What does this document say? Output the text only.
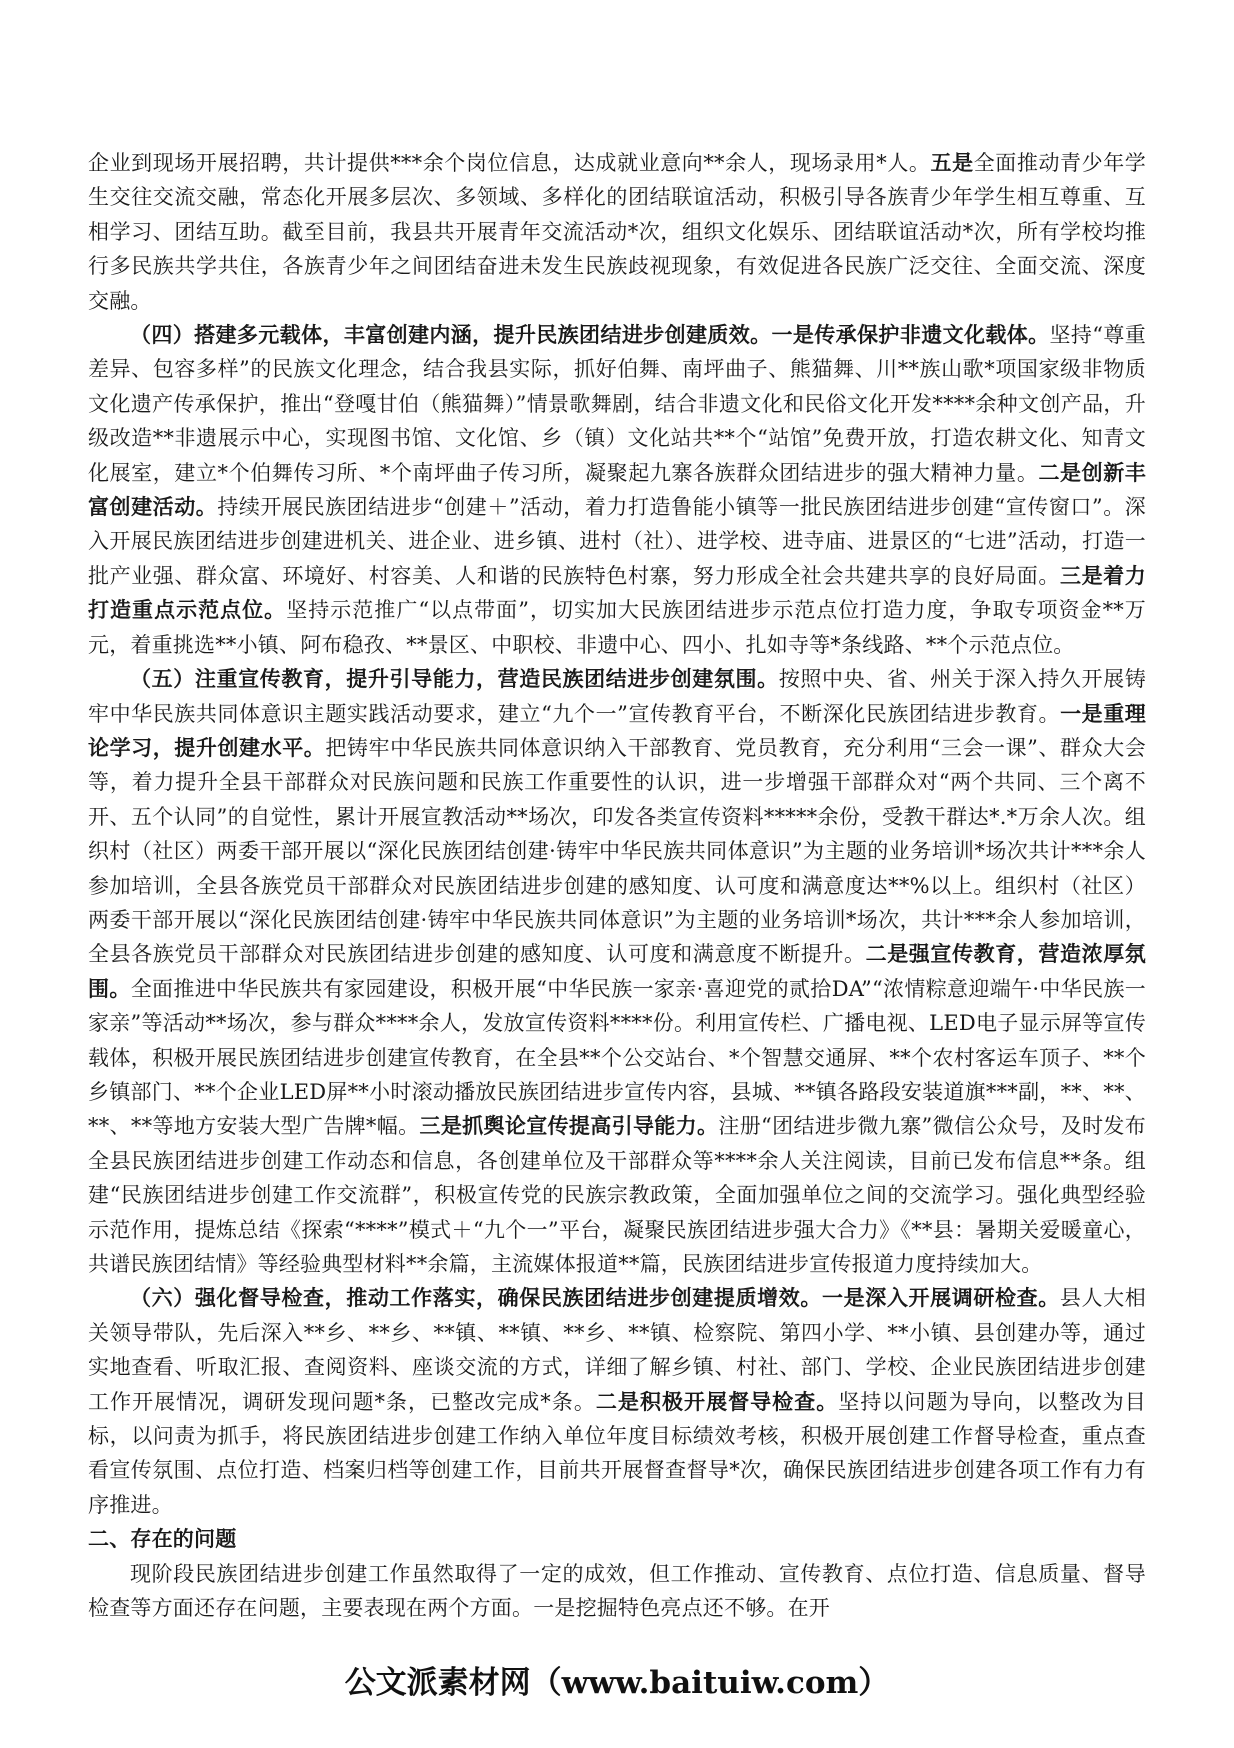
企业到现场开展招聘，共计提供***余个岗位信息，达成就业意向**余人，现场录用*人。五是全面推动青少年学生交往交流交融，常态化开展多层次、多领域、多样化的团结联谊活动，积极引导各族青少年学生相互尊重、互相学习、团结互助。截至目前，我县共开展青年交流活动*次，组织文化娱乐、团结联谊活动*次，所有学校均推行多民族共学共住，各族青少年之间团结奋进未发生民族歧视现象，有效促进各民族广泛交往、全面交流、深度交融。

（四）搭建多元载体，丰富创建内涵，提升民族团结进步创建质效。一是传承保护非遗文化载体。坚持“尊重差异、包容多样”的民族文化理念，结合我县实际，抓好伯舞、南坪曲子、熊猫舞、川**族山歌*项国家级非物质文化遗产传承保护，推出“登嘎甘伯（熊猫舞）”情景歌舞剧，结合非遗文化和民俗文化开发****余种文创产品，升级改造**非遗展示中心，实现图书馆、文化馆、乡（镇）文化站共**个“站馆”免费开放，打造农耕文化、知青文化展室，建立*个伯舞传习所、*个南坪曲子传习所，凝聚起九寨各族群众团结进步的强大精神力量。二是创新丰富创建活动。持续开展民族团结进步“创建＋”活动，着力打造鲁能小镇等一批民族团结进步创建“宣传窗口”。深入开展民族团结进步创建进机关、进企业、进乡镇、进村（社）、进学校、进寺庙、进景区的“七进”活动，打造一批产业强、群众富、环境好、村容美、人和谐的民族特色村寨，努力形成全社会共建共享的良好局面。三是着力打造重点示范点位。坚持示范推广“以点带面”，切实加大民族团结进步示范点位打造力度，争取专项资金**万元，着重挑选**小镇、阿布稳孜、**景区、中职校、非遗中心、四小、扎如寺等*条线路、**个示范点位。

（五）注重宣传教育，提升引导能力，营造民族团结进步创建氛围。按照中央、省、州关于深入持久开展铸牢中华民族共同体意识主题实践活动要求，建立“九个一”宣传教育平台，不断深化民族团结进步教育。一是重理论学习，提升创建水平。把铸牢中华民族共同体意识纳入干部教育、党员教育，充分利用“三会一课”、群众大会等，着力提升全县干部群众对民族问题和民族工作重要性的认识，进一步增强干部群众对“两个共同、三个离不开、五个认同”的自觉性，累计开展宣教活动**场次，印发各类宣传资料*****余份，受教干群达*.*万余人次。组织村（社区）两委干部开展以“深化民族团结创建·铸牢中华民族共同体意识”为主题的业务培训*场次共计***余人参加培训，全县各族党员干部群众对民族团结进步创建的感知度、认可度和满意度达**%以上。组织村（社区）两委干部开展以“深化民族团结创建·铸牢中华民族共同体意识”为主题的业务培训*场次，共计***余人参加培训，全县各族党员干部群众对民族团结进步创建的感知度、认可度和满意度不断提升。二是强宣传教育，营造浓厚氛围。全面推进中华民族共有家园建设，积极开展“中华民族一家亲·喜迎党的贰拾DA”“浓情粽意迎端午·中华民族一家亲”等活动**场次，参与群众****余人，发放宣传资料****份。利用宣传栏、广播电视、LED电子显示屏等宣传载体，积极开展民族团结进步创建宣传教育，在全县**个公交站台、*个智慧交通屏、**个农村客运车顶子、**个乡镇部门、**个企业LED屏**小时滚动播放民族团结进步宣传内容，县城、**镇各路段安装道旗***副，**、**、**、**等地方安装大型广告牌*幅。三是抓舆论宣传提高引导能力。注册“团结进步微九寨”微信公众号，及时发布全县民族团结进步创建工作动态和信息，各创建单位及干部群众等****余人关注阅读，目前已发布信息**条。组建“民族团结进步创建工作交流群”，积极宣传党的民族宗教政策，全面加强单位之间的交流学习。强化典型经验示范作用，提炼总结《探索“****”模式＋“九个一”平台，凝聚民族团结进步强大合力》《**县：暑期关爱暖童心，共谱民族团结情》等经验典型材料**余篇，主流媒体报道**篇，民族团结进步宣传报道力度持续加大。

（六）强化督导检查，推动工作落实，确保民族团结进步创建提质增效。一是深入开展调研检查。县人大相关领导带队，先后深入**乡、**乡、**镇、**镇、**乡、**镇、检察院、第四小学、**小镇、县创建办等，通过实地查看、听取汇报、查阅资料、座谈交流的方式，详细了解乡镇、村社、部门、学校、企业民族团结进步创建工作开展情况，调研发现问题*条，已整改完成*条。二是积极开展督导检查。坚持以问题为导向，以整改为目标，以问责为抓手，将民族团结进步创建工作纳入单位年度目标绩效考核，积极开展创建工作督导检查，重点查看宣传氛围、点位打造、档案归档等创建工作，目前共开展督查督导*次，确保民族团结进步创建各项工作有力有序推进。

二、存在的问题

现阶段民族团结进步创建工作虽然取得了一定的成效，但工作推动、宣传教育、点位打造、信息质量、督导检查等方面还存在问题，主要表现在两个方面。一是挖掘特色亮点还不够。在开

公文派素材网（www.baituiw.com）
